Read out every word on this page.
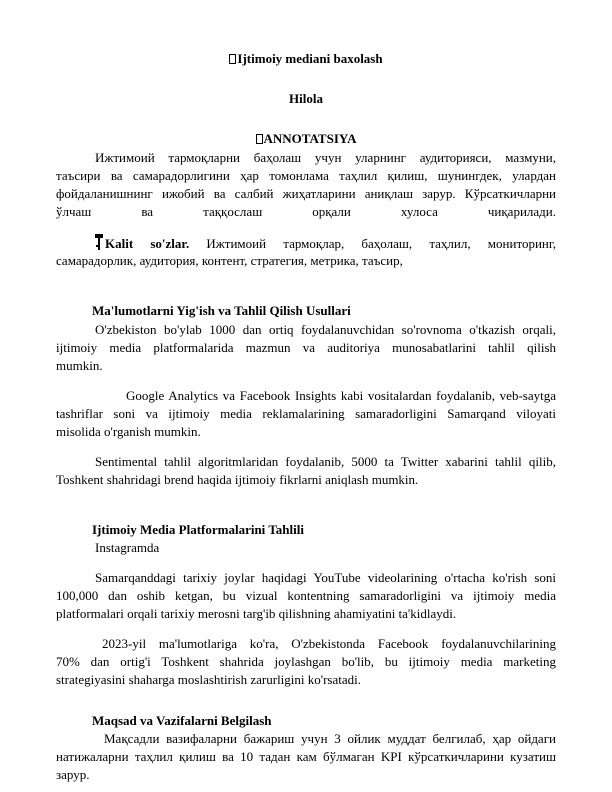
Ijtimoiy mediani baxolash
Hilola
ANNOTATSIYA
Ижтимоий тармоқларни баҳолаш учун уларнинг аудиторияси, мазмуни,
таъсири ва самарадорлигини ҳар томонлама таҳлил қилиш, шунингдек, улардан
фойдаланишнинг ижобий ва салбий жиҳатларини аниқлаш зарур. Кўрсаткичларни
ўлчаш ва таққослаш орқали хулоса чиқарилади.
Kalit so'zlar. Ижтимоий тармоқлар, баҳолаш, таҳлил, мониторинг,
самарадорлик, аудитория, контент, стратегия, метрика, таъсир,
Ma'lumotlarni Yig'ish va Tahlil Qilish Usullari
O'zbekiston bo'ylab 1000 dan ortiq foydalanuvchidan so'rovnoma o'tkazish orqali,
ijtimoiy media platformalarida mazmun va auditoriya munosabatlarini tahlil qilish
mumkin.
Google Analytics va Facebook Insights kabi vositalardan foydalanib, veb-saytga
tashriflar soni va ijtimoiy media reklamalarining samaradorligini Samarqand viloyati
misolida o'rganish mumkin.
Sentimental tahlil algoritmlaridan foydalanib, 5000 ta Twitter xabarini tahlil qilib,
Toshkent shahridagi brend haqida ijtimoiy fikrlarni aniqlash mumkin.
Ijtimoiy Media Platformalarini Tahlili
Instagramda
Samarqanddagi tarixiy joylar haqidagi YouTube videolarining o'rtacha ko'rish soni
100,000 dan oshib ketgan, bu vizual kontentning samaradorligini va ijtimoiy media
platformalari orqali tarixiy merosni targ'ib qilishning ahamiyatini ta'kidlaydi.
2023-yil ma'lumotlariga ko'ra, O'zbekistonda Facebook foydalanuvchilarining
70% dan ortig'i Toshkent shahrida joylashgan bo'lib, bu ijtimoiy media marketing
strategiyasini shaharga moslashtirish zarurligini ko'rsatadi.
Maqsad va Vazifalarni Belgilash
Мақсадли вазифаларни бажариш учун 3 ойлик муддат белгилаб, ҳар ойдаги
натижаларни таҳлил қилиш ва 10 тадан кам бўлмаган KPI кўрсаткичларини кузатиш
зарур.
